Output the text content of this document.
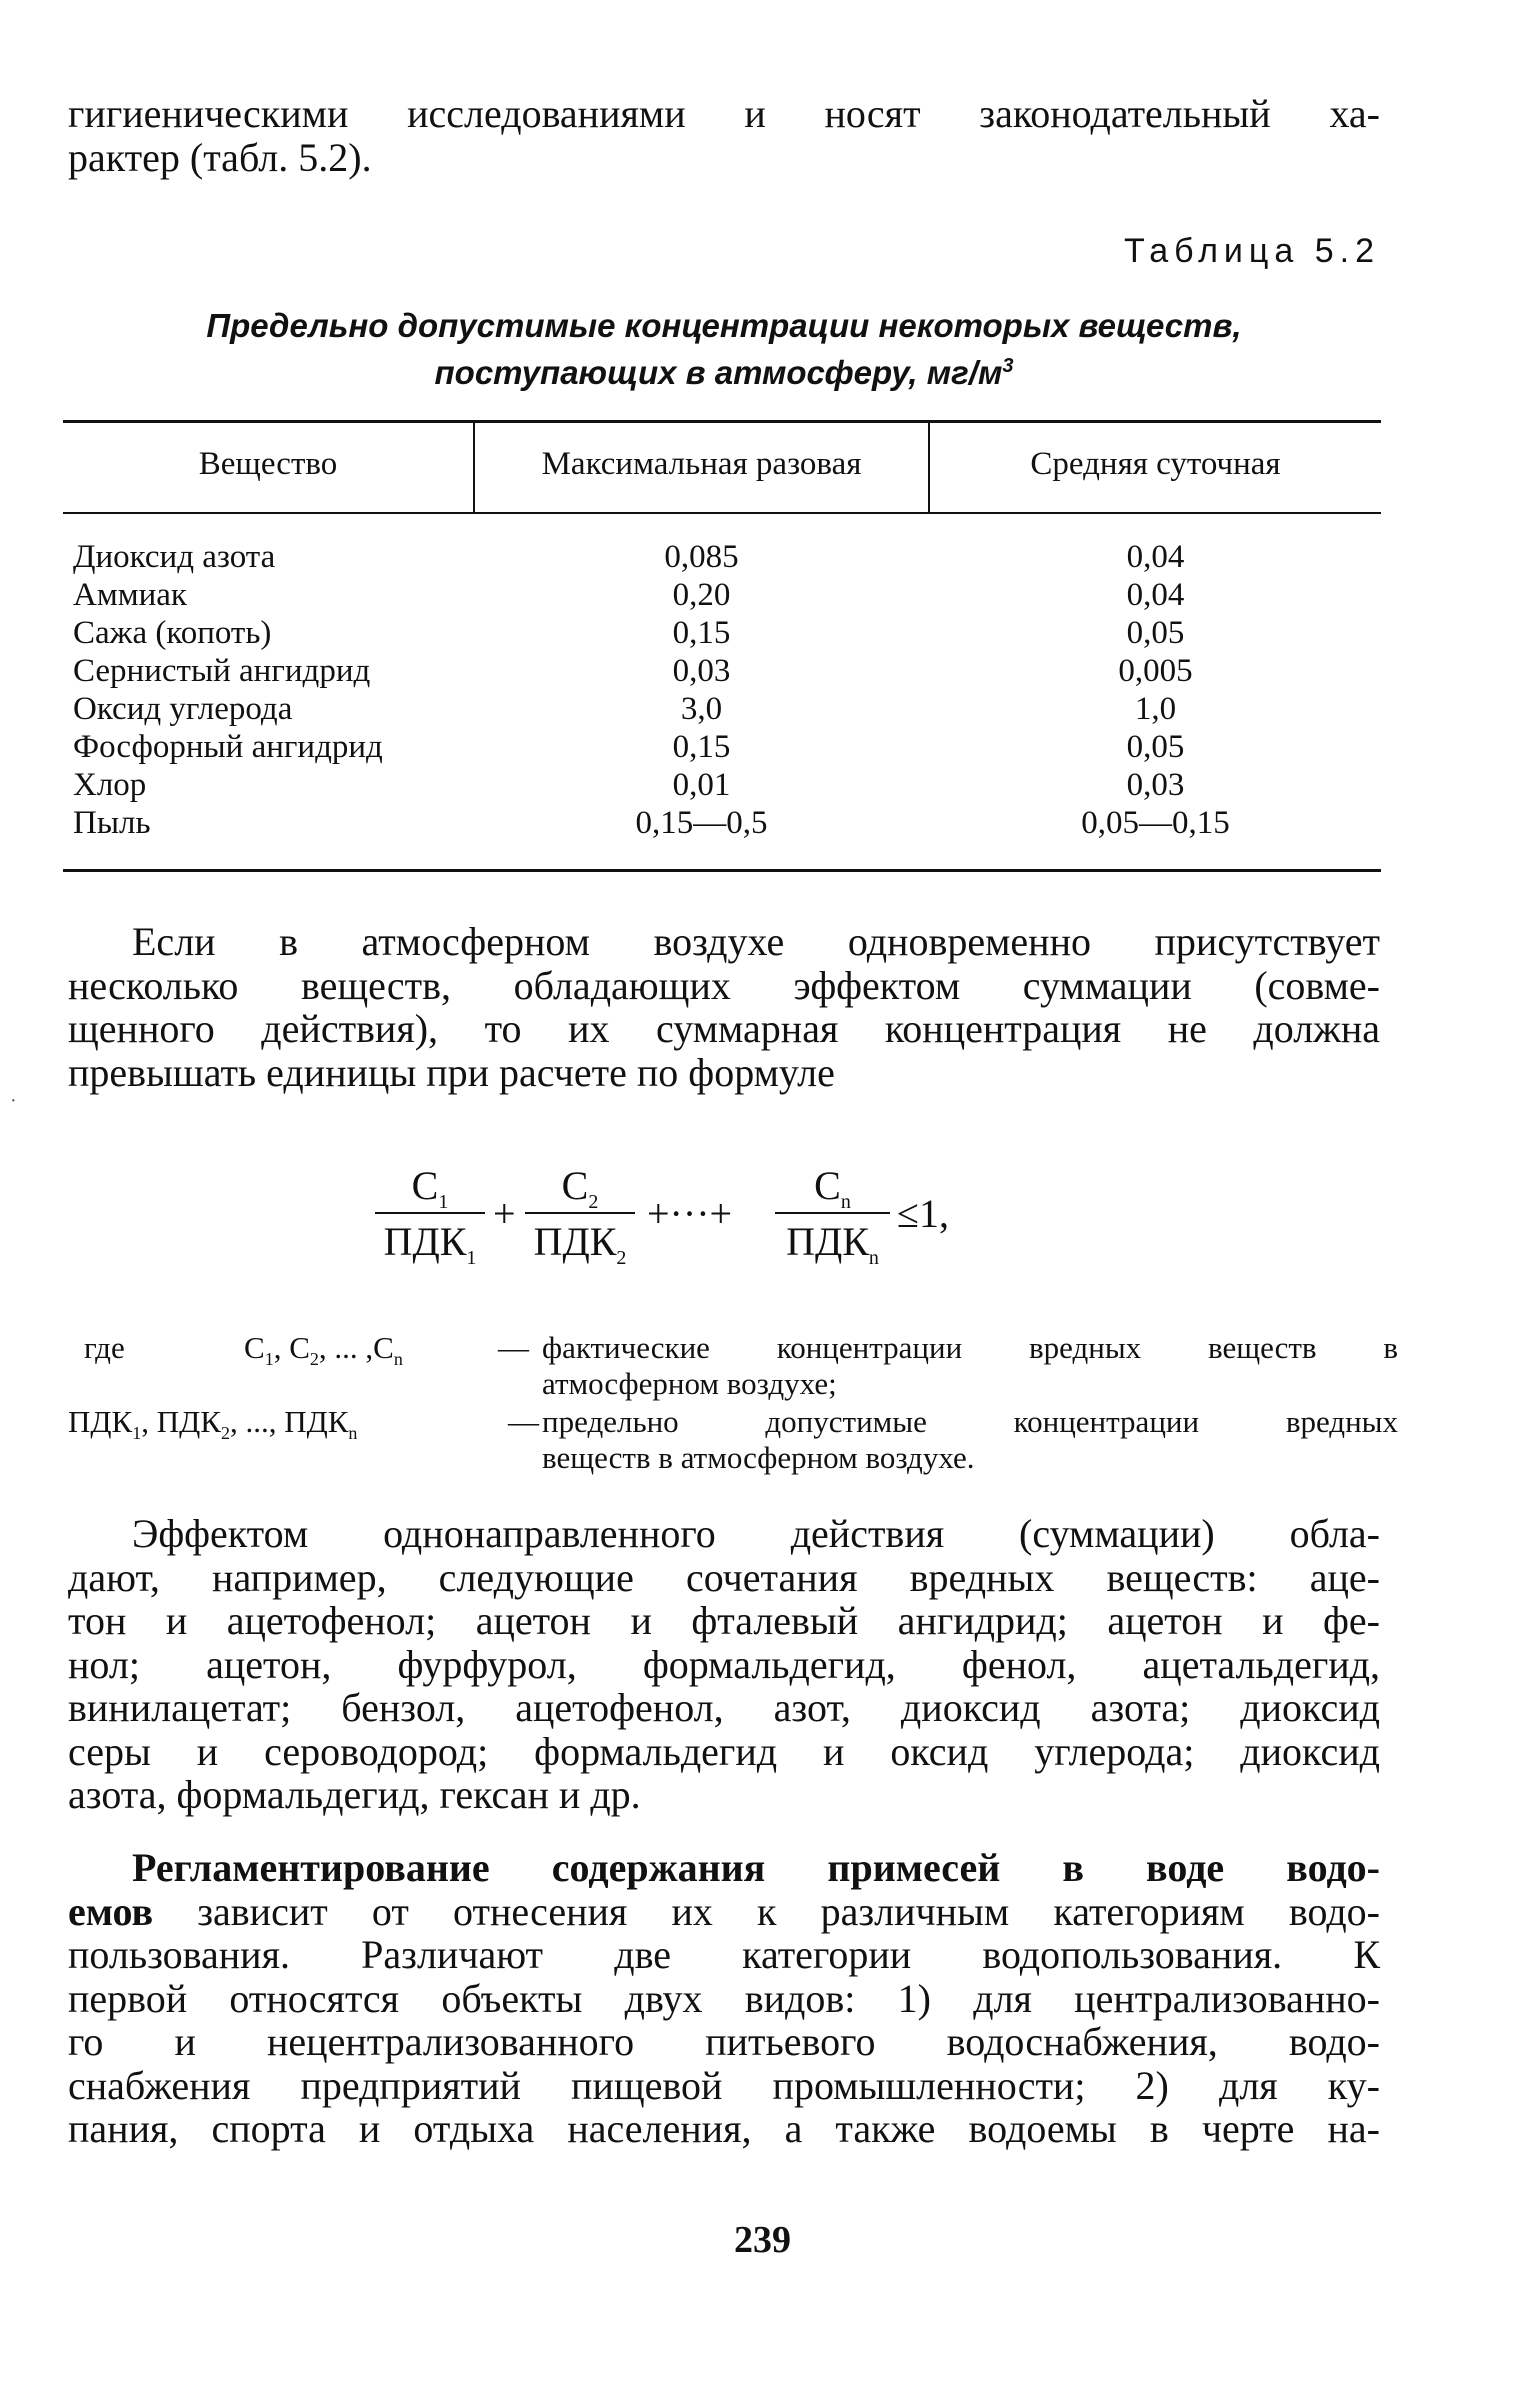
гигиеническими исследованиями и носят законодательный ха-
рактер (табл. 5.2).
Таблица 5.2
Предельно допустимые концентрации некоторых веществ,
поступающих в атмосферу, $мг/м^3$
Вещество	Максимальная разовая	Средняя суточная
Диоксид азота	0,085	0,04
Аммиак	0,20	0,04
Сажа (копоть)	0,15	0,05
Сернистый ангидрид	0,03	0,005
Оксид углерода	3,0	1,0
Фосфорный ангидрид	0,15	0,05
Хлор	0,01	0,03
Пыль	0,15—0,5	0,05—0,15
·
Если в атмосферном воздухе одновременно присутствует
несколько веществ, обладающих эффектом суммации (совме-
щенного действия), то их суммарная концентрация не должна
превышать единицы при расчете по формуле
$C_1$
$ПДК_1$
+
$C_2$
$ПДК_2$
+···+
$C_n$
$ПДК_n$
≤1,
где	$C_1$, $C_2$, ... $,C_n$	— фактические концентрации вредных веществ в
атмосферном воздухе;
$ПДК_1$, $ПДК_2$, ..., $ПДК_n$	— предельно допустимые концентрации вредных
веществ в атмосферном воздухе.
Эффектом однонаправленного действия (суммации) обла-
дают, например, следующие сочетания вредных веществ: аце-
тон и ацетофенол; ацетон и фталевый ангидрид; ацетон и фе-
нол; ацетон, фурфурол, формальдегид, фенол, ацетальдегид,
винилацетат; бензол, ацетофенол, азот, диоксид азота; диоксид
серы и сероводород; формальдегид и оксид углерода; диоксид
азота, формальдегид, гексан и др.
Регламентирование содержания примесей в воде водо-
емов зависит от отнесения их к различным категориям водо-
пользования. Различают две категории водопользования. К
первой относятся объекты двух видов: 1) для централизованно-
го и нецентрализованного питьевого водоснабжения, водо-
снабжения предприятий пищевой промышленности; 2) для ку-
пания, спорта и отдыха населения, а также водоемы в черте на-
239
